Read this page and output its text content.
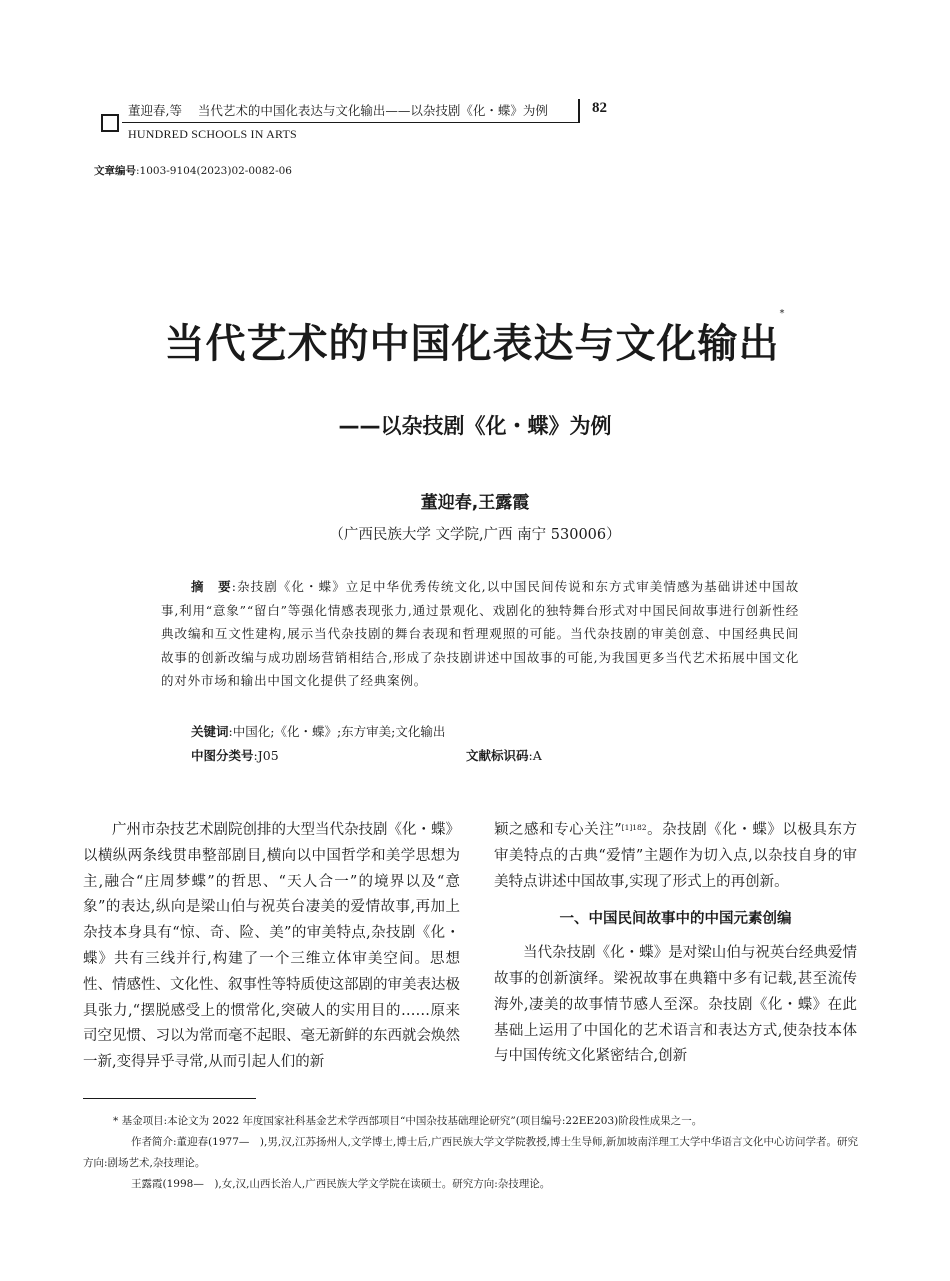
董迎春,等 当代艺术的中国化表达与文化输出——以杂技剧《化・蝶》为例	82
HUNDRED SCHOOLS IN ARTS
文章编号:1003-9104(2023)02-0082-06
当代艺术的中国化表达与文化输出*
——以杂技剧《化・蝶》为例
董迎春,王露霞
（广西民族大学 文学院,广西 南宁 530006）
摘　要:杂技剧《化・蝶》立足中华优秀传统文化,以中国民间传说和东方式审美情感为基础讲述中国故事,利用“意象”“留白”等强化情感表现张力,通过景观化、戏剧化的独特舞台形式对中国民间故事进行创新性经典改编和互文性建构,展示当代杂技剧的舞台表现和哲理观照的可能。当代杂技剧的审美创意、中国经典民间故事的创新改编与成功剧场营销相结合,形成了杂技剧讲述中国故事的可能,为我国更多当代艺术拓展中国文化的对外市场和输出中国文化提供了经典案例。
关键词:中国化;《化・蝶》;东方审美;文化输出
中图分类号:J05	文献标识码:A

广州市杂技艺术剧院创排的大型当代杂技剧《化・蝶》以横纵两条线贯串整部剧目,横向以中国哲学和美学思想为主,融合“庄周梦蝶”的哲思、“天人合一”的境界以及“意象”的表达,纵向是梁山伯与祝英台凄美的爱情故事,再加上杂技本身具有“惊、奇、险、美”的审美特点,杂技剧《化・蝶》共有三线并行,构建了一个三维立体审美空间。思想性、情感性、文化性、叙事性等特质使这部剧的审美表达极具张力,“摆脱感受上的惯常化,突破人的实用目的……原来司空见惯、习以为常而毫不起眼、毫无新鲜的东西就会焕然一新,变得异乎寻常,从而引起人们的新

颖之感和专心关注”$^{[1]182}$。杂技剧《化・蝶》以极具东方审美特点的古典“爱情”主题作为切入点,以杂技自身的审美特点讲述中国故事,实现了形式上的再创新。

一、中国民间故事中的中国元素创编

当代杂技剧《化・蝶》是对梁山伯与祝英台经典爱情故事的创新演绎。梁祝故事在典籍中多有记载,甚至流传海外,凄美的故事情节感人至深。杂技剧《化・蝶》在此基础上运用了中国化的艺术语言和表达方式,使杂技本体与中国传统文化紧密结合,创新

* 基金项目:本论文为 2022 年度国家社科基金艺术学西部项目“中国杂技基础理论研究”(项目编号:22EE203)阶段性成果之一。

作者简介:董迎春(1977—　),男,汉,江苏扬州人,文学博士,博士后,广西民族大学文学院教授,博士生导师,新加坡南洋理工大学中华语言文化中心访问学者。研究方向:剧场艺术,杂技理论。

王露霞(1998—　),女,汉,山西长治人,广西民族大学文学院在读硕士。研究方向:杂技理论。
